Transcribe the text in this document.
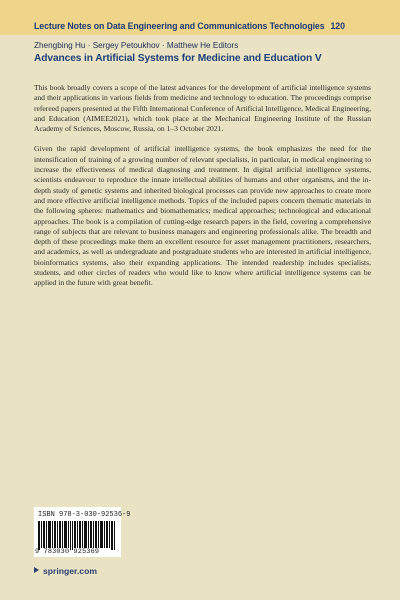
Lecture Notes on Data Engineering and Communications Technologies 120
Zhengbing Hu · Sergey Petoukhov · Matthew He Editors
Advances in Artificial Systems for Medicine and Education V

This book broadly covers a scope of the latest advances for the development of artificial intelligence systems and their applications in various fields from medicine and technology to education. The proceedings comprise refereed papers presented at the Fifth International Conference of Artificial Intelligence, Medical Engineering, and Education (AIMEE2021), which took place at the Mechanical Engineering Institute of the Russian Academy of Sciences, Moscow, Russia, on 1–3 October 2021.

Given the rapid development of artificial intelligence systems, the book emphasizes the need for the intensification of training of a growing number of relevant specialists, in particular, in medical engineering to increase the effectiveness of medical diagnosing and treatment. In digital artificial intelligence systems, scientists endeavour to reproduce the innate intellectual abilities of humans and other organisms, and the in-depth study of genetic systems and inherited biological processes can provide new approaches to create more and more effective artificial intelligence methods. Topics of the included papers concern thematic materials in the following spheres: mathematics and biomathematics; medical approaches; technological and educational approaches. The book is a compilation of cutting-edge research papers in the field, covering a comprehensive range of subjects that are relevant to business managers and engineering professionals alike. The breadth and depth of these proceedings make them an excellent resource for asset management practitioners, researchers, and academics, as well as undergraduate and postgraduate students who are interested in artificial intelligence, bioinformatics systems, also their expanding applications. The intended readership includes specialists, students, and other circles of readers who would like to know where artificial intelligence systems can be applied in the future with great benefit.

ISBN 978-3-030-92536-9
9 783030 925369
springer.com
